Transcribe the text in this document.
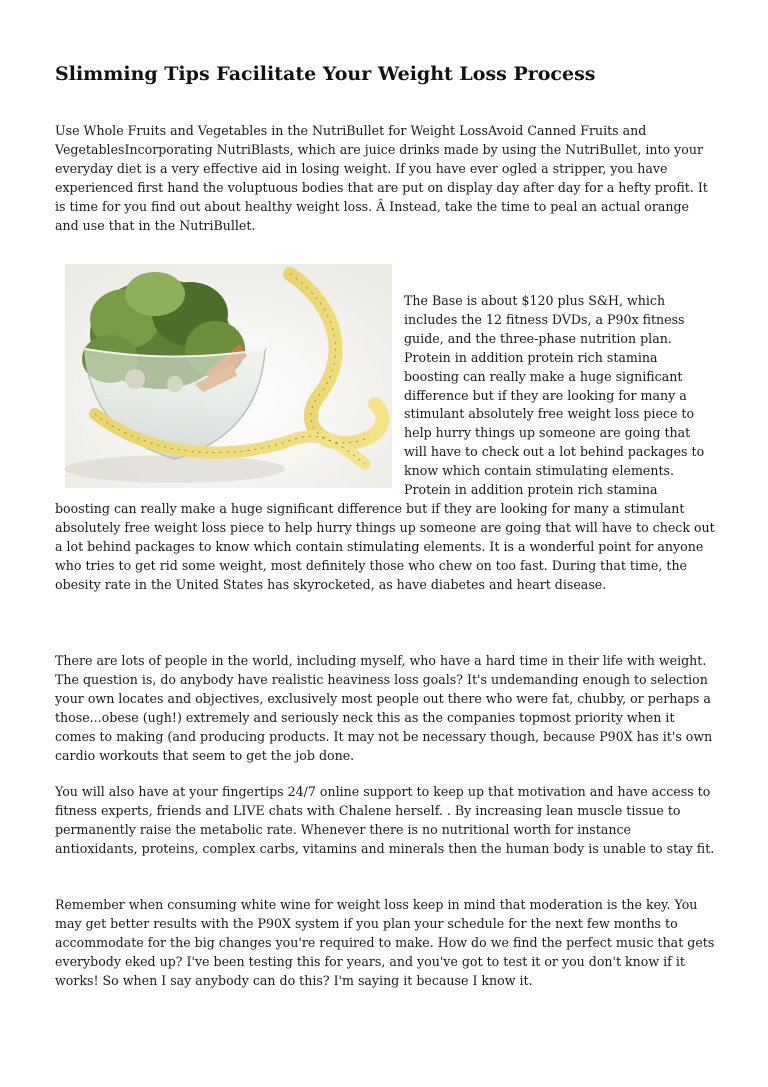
Slimming Tips Facilitate Your Weight Loss Process

Use Whole Fruits and Vegetables in the NutriBullet for Weight LossAvoid Canned Fruits and VegetablesIncorporating NutriBlasts, which are juice drinks made by using the NutriBullet, into your everyday diet is a very effective aid in losing weight. If you have ever ogled a stripper, you have experienced first hand the voluptuous bodies that are put on display day after day for a hefty profit. It is time for you find out about healthy weight loss. Â Instead, take the time to peal an actual orange and use that in the NutriBullet.

The Base is about $120 plus S&H, which includes the 12 fitness DVDs, a P90x fitness guide, and the three-phase nutrition plan. Protein in addition protein rich stamina boosting can really make a huge significant difference but if they are looking for many a stimulant absolutely free weight loss piece to help hurry things up someone are going that will have to check out a lot behind packages to know which contain stimulating elements. Protein in addition protein rich stamina boosting can really make a huge significant difference but if they are looking for many a stimulant absolutely free weight loss piece to help hurry things up someone are going that will have to check out a lot behind packages to know which contain stimulating elements. It is a wonderful point for anyone who tries to get rid some weight, most definitely those who chew on too fast. During that time, the obesity rate in the United States has skyrocketed, as have diabetes and heart disease.

There are lots of people in the world, including myself, who have a hard time in their life with weight. The question is, do anybody have realistic heaviness loss goals? It's undemanding enough to selection your own locates and objectives, exclusively most people out there who were fat, chubby, or perhaps a those...obese (ugh!) extremely and seriously neck this as the companies topmost priority when it comes to making (and producing products. It may not be necessary though, because P90X has it's own cardio workouts that seem to get the job done.

You will also have at your fingertips 24/7 online support to keep up that motivation and have access to fitness experts, friends and LIVE chats with Chalene herself. . By increasing lean muscle tissue to permanently raise the metabolic rate. Whenever there is no nutritional worth for instance antioxidants, proteins, complex carbs, vitamins and minerals then the human body is unable to stay fit.

Remember when consuming white wine for weight loss keep in mind that moderation is the key. You may get better results with the P90X system if you plan your schedule for the next few months to accommodate for the big changes you're required to make. How do we find the perfect music that gets everybody eked up? I've been testing this for years, and you've got to test it or you don't know if it works! So when I say anybody can do this? I'm saying it because I know it.
